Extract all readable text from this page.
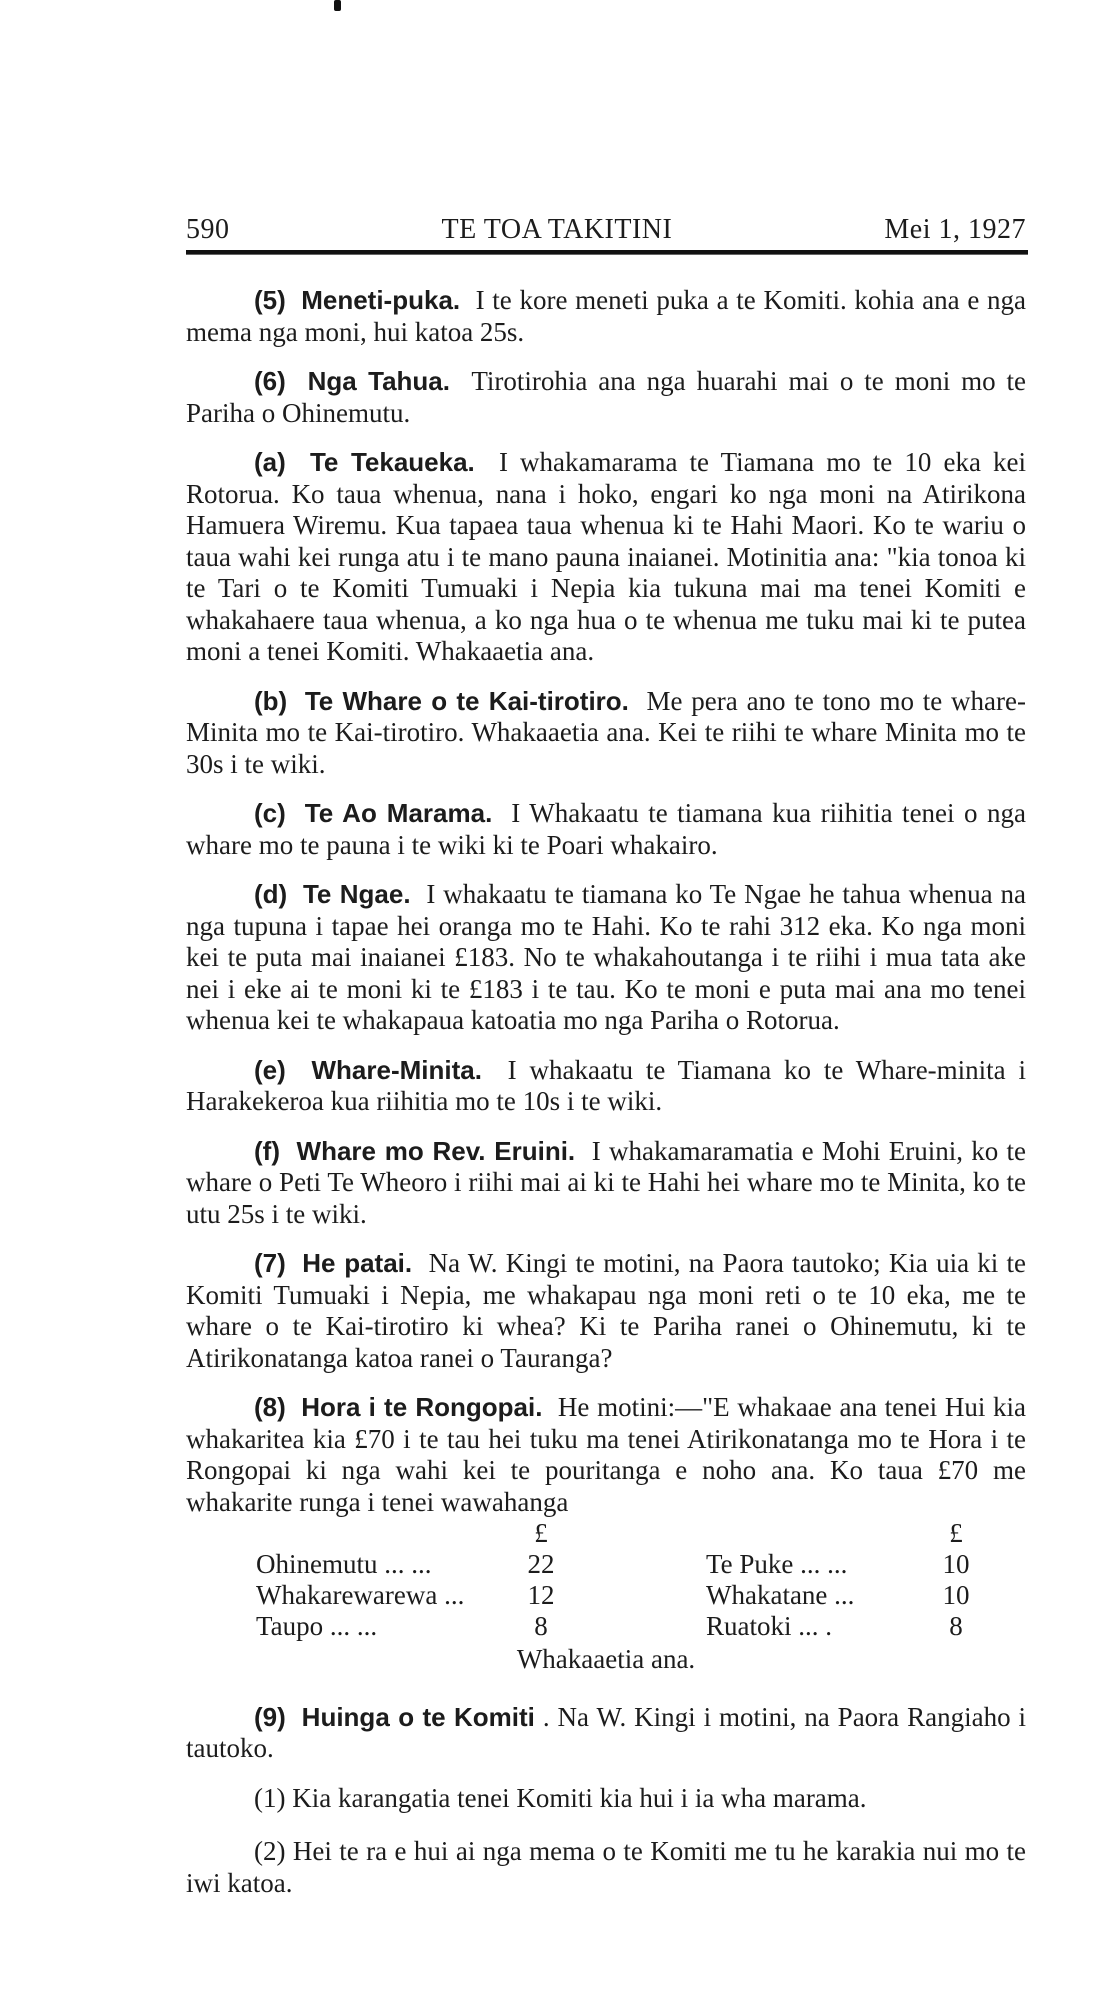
590	TE TOA TAKITINI	Mei 1, 1927

(5) Meneti-puka. I te kore meneti puka a te Komiti. kohia ana e nga mema nga moni, hui katoa 25s.

(6) Nga Tahua. Tirotirohia ana nga huarahi mai o te moni mo te Pariha o Ohinemutu.

(a) Te Tekaueka. I whakamarama te Tiamana mo te 10 eka kei Rotorua. Ko taua whenua, nana i hoko, engari ko nga moni na Atirikona Hamuera Wiremu. Kua tapaea taua whenua ki te Hahi Maori. Ko te wariu o taua wahi kei runga atu i te mano pauna inaianei. Motinitia ana: "kia tonoa ki te Tari o te Komiti Tumuaki i Nepia kia tukuna mai ma tenei Komiti e whakahaere taua whenua, a ko nga hua o te whenua me tuku mai ki te putea moni a tenei Komiti. Whakaaetia ana.

(b) Te Whare o te Kai-tirotiro. Me pera ano te tono mo te whare-Minita mo te Kai-tirotiro. Whakaaetia ana. Kei te riihi te whare Minita mo te 30s i te wiki.

(c) Te Ao Marama. I Whakaatu te tiamana kua riihitia tenei o nga whare mo te pauna i te wiki ki te Poari whakairo.

(d) Te Ngae. I whakaatu te tiamana ko Te Ngae he tahua whenua na nga tupuna i tapae hei oranga mo te Hahi. Ko te rahi 312 eka. Ko nga moni kei te puta mai inaianei £183. No te whakahoutanga i te riihi i mua tata ake nei i eke ai te moni ki te £183 i te tau. Ko te moni e puta mai ana mo tenei whenua kei te whakapaua katoatia mo nga Pariha o Rotorua.

(e) Whare-Minita. I whakaatu te Tiamana ko te Whare-minita i Harakekeroa kua riihitia mo te 10s i te wiki.

(f) Whare mo Rev. Eruini. I whakamaramatia e Mohi Eruini, ko te whare o Peti Te Wheoro i riihi mai ai ki te Hahi hei whare mo te Minita, ko te utu 25s i te wiki.

(7) He patai. Na W. Kingi te motini, na Paora tautoko; Kia uia ki te Komiti Tumuaki i Nepia, me whakapau nga moni reti o te 10 eka, me te whare o te Kai-tirotiro ki whea? Ki te Pariha ranei o Ohinemutu, ki te Atirikonatanga katoa ranei o Tauranga?

(8) Hora i te Rongopai. He motini:—"E whakaae ana tenei Hui kia whakaritea kia £70 i te tau hei tuku ma tenei Atirikonatanga mo te Hora i te Rongopai ki nga wahi kei te pouritanga e noho ana. Ko taua £70 me whakarite runga i tenei wawahanga

	£			£
Ohinemutu ... ...	22		Te Puke ... ...	10
Whakarewarewa ...	12		Whakatane ...	10
Taupo ... ...	8		Ruatoki ... .	8
Whakaaetia ana.

(9) Huinga o te Komiti . Na W. Kingi i motini, na Paora Rangiaho i tautoko.

(1) Kia karangatia tenei Komiti kia hui i ia wha marama.

(2) Hei te ra e hui ai nga mema o te Komiti me tu he karakia nui mo te iwi katoa.
